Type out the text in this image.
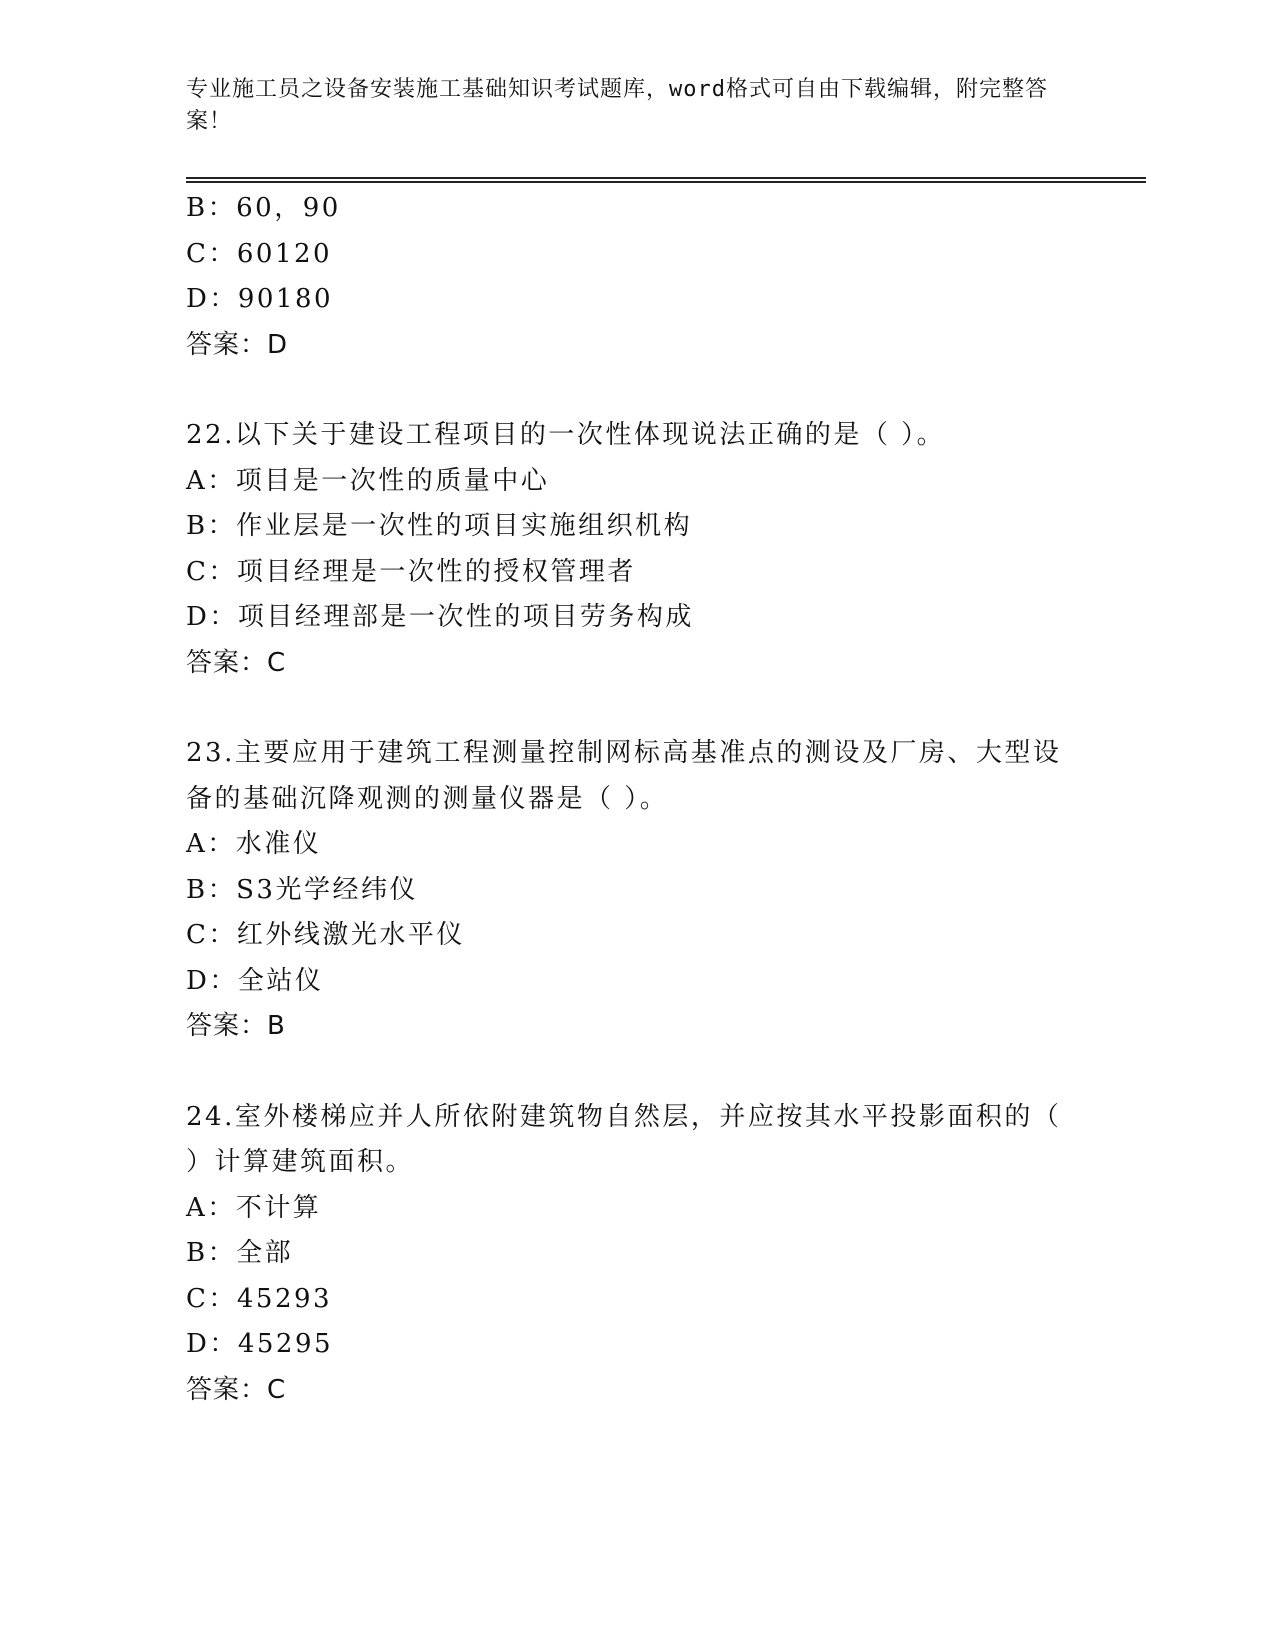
专业施工员之设备安装施工基础知识考试题库，word格式可自由下载编辑，附完整答案！
B：60，90
C：60120
D：90180
答案：D
22.以下关于建设工程项目的一次性体现说法正确的是（ ）。
A：项目是一次性的质量中心
B：作业层是一次性的项目实施组织机构
C：项目经理是一次性的授权管理者
D：项目经理部是一次性的项目劳务构成
答案：C
23.主要应用于建筑工程测量控制网标高基准点的测设及厂房、大型设备的基础沉降观测的测量仪器是（ ）。
A：水准仪
B：S3光学经纬仪
C：红外线激光水平仪
D：全站仪
答案：B
24.室外楼梯应并人所依附建筑物自然层，并应按其水平投影面积的（ ）计算建筑面积。
A：不计算
B：全部
C：45293
D：45295
答案：C
